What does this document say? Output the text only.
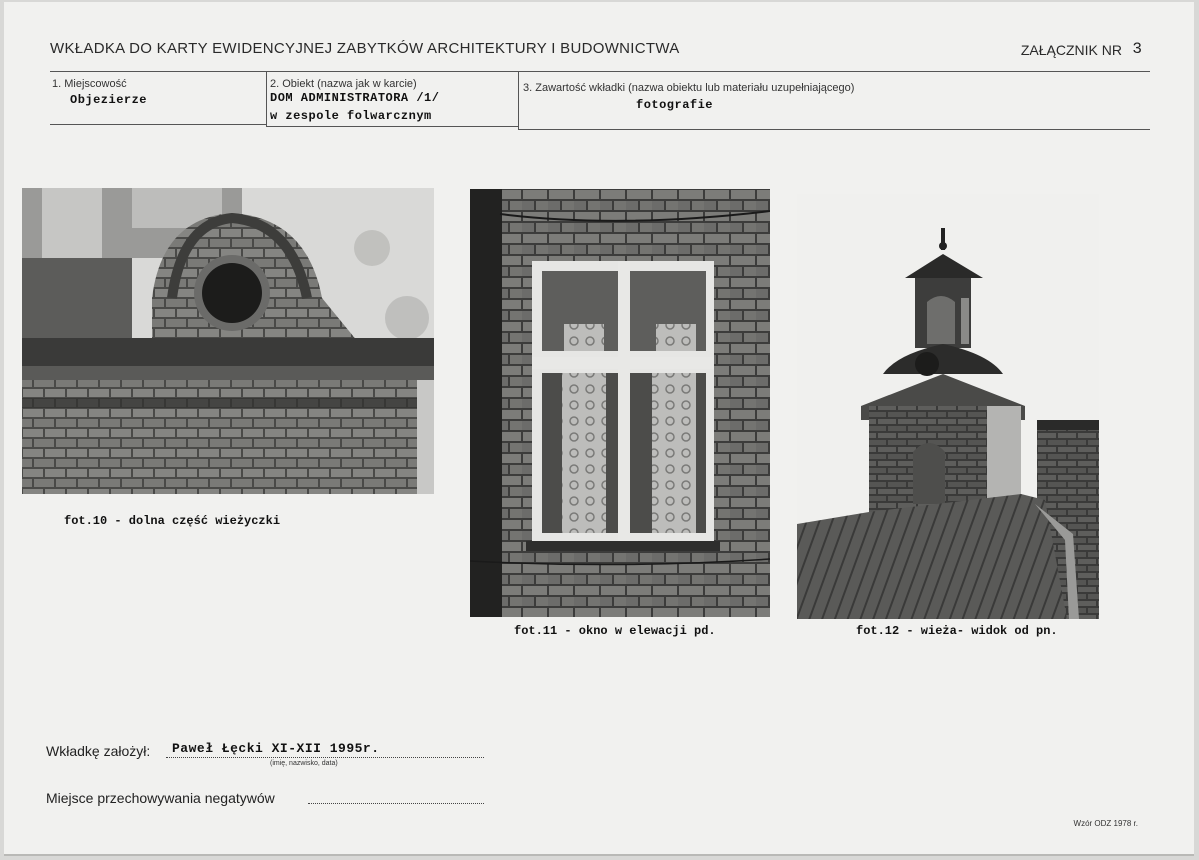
WKŁADKA DO KARTY EWIDENCYJNEJ ZABYTKÓW ARCHITEKTURY I BUDOWNICTWA	ZAŁĄCZNIK NR 3
1. Miejscowość
Objezierze
2. Obiekt (nazwa jak w karcie)
DOM ADMINISTRATORA /1/
w zespole folwarcznym
3. Zawartość wkładki (nazwa obiektu lub materiału uzupełniającego)
fotografie
fot.10 - dolna część wieżyczki
fot.11 - okno w elewacji pd.	fot.12 - wieża- widok od pn.
Wkładkę założył: Paweł Łęcki XI-XII 1995r.
(imię, nazwisko, data)
Miejsce przechowywania negatywów
Wzór ODZ 1978 r.
